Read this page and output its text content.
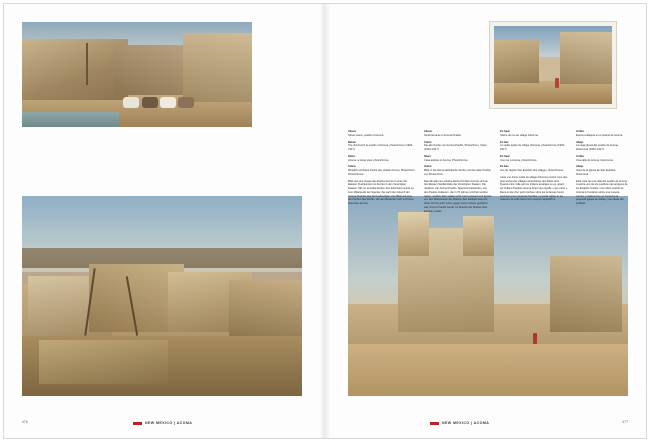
Above:
Street scene, pueblo of Acoma.
Below:
The old church at pueblo of Acoma, photochrome (1903–1917).
Oben:
Acoma, a street view, photochrome.
Unten:
Westlich errichtete Kirche des pueblo Acoma, Photochrom, Photochrome.
Blick auf eine Gasse des Dorfes Acoma in einer der ältesten Pueblositzen ist Acoma in den Vereinigten Staaten. Mit zur amerikanischen Zeit kolonisiert wurde es zum Mittelpunkt der Spanier, die nach der Ankunft der Acoma Pueblos das Dorf aufsuchten. Der Blick auf eine der Kirchen des Dorfes, die der Missionar noch in Acoma besuchen konnte.
Above:
Small terraces in Acoma Pueblo.
Unten:
Die alte Kirche von Acoma Pueblo, Photochrom, Carta (1903–1917).
Oben:
Casa adobes in Acoma, Photochrome.
Unten:
Blick in die kleine katholische Kirche und des alten Pueblo von Photochrom.
Das damals neu erbaute kleine Kirchlein konnte sich an der ältesten Siedlerstätte der Vereinigten Staaten. Die niederen von Acoma Pueblo, Spanisch bestanden, von den Pueblo-Indianern, die in 70 Jahren errichtet worden waren, wurden aber später nicht mehr erneuert und bereits von den Missionaren der Mission San Esteban besucht, deren Kirche auch schon gegen einen Felsen gepflanzt war. Acoma Pueblo wurde zur Mission der Mission San Esteban erklärt.
En haut:
Scène de rue au village d'Acoma.
En bas:
La vieille église du village d'Acoma, photochrome (1903–1917).
En haut:
Une rue à Acoma, photochrome.
En bas:
Vue de l'église San Esteban des villages, photochrome.
Cette vue d'une ruelle du village d'Acoma montre l'une des plus anciennes villages américaines des États-Unis. Quand entre mille par les Indiens assiégés ou en retard, les Indiens Pueblos Acoma furent qui signifie « qui ouvre ». Dans le site d'un point rocheux dont les terrasses furent pourvues pour plusieurs familles. La petite église et les maisons de cette façon font toujours aujourd'hui.
Arriba:
Escena callejera en el pueblo de Acoma.
Abajo:
La vieja iglesia del pueblo de Acoma, fotocromía (1903–1917).
Arriba:
Una calle de Acoma, fotocromía.
Abajo:
Vista de la iglesia de San Esteban, fotocromía.
Esta vista de una calle del pueblo de Acoma muestra uno de los pueblos más antiguos de los Estados Unidos. Los indios pueblo de Acoma lo fundaron sobre una meseta rocosa, y todavía hoy se conserva la pequeña iglesia de adobe y las casas del poblado.
476	477
NEW MEXICO | ACOMA	NEW MEXICO | ACOMA
